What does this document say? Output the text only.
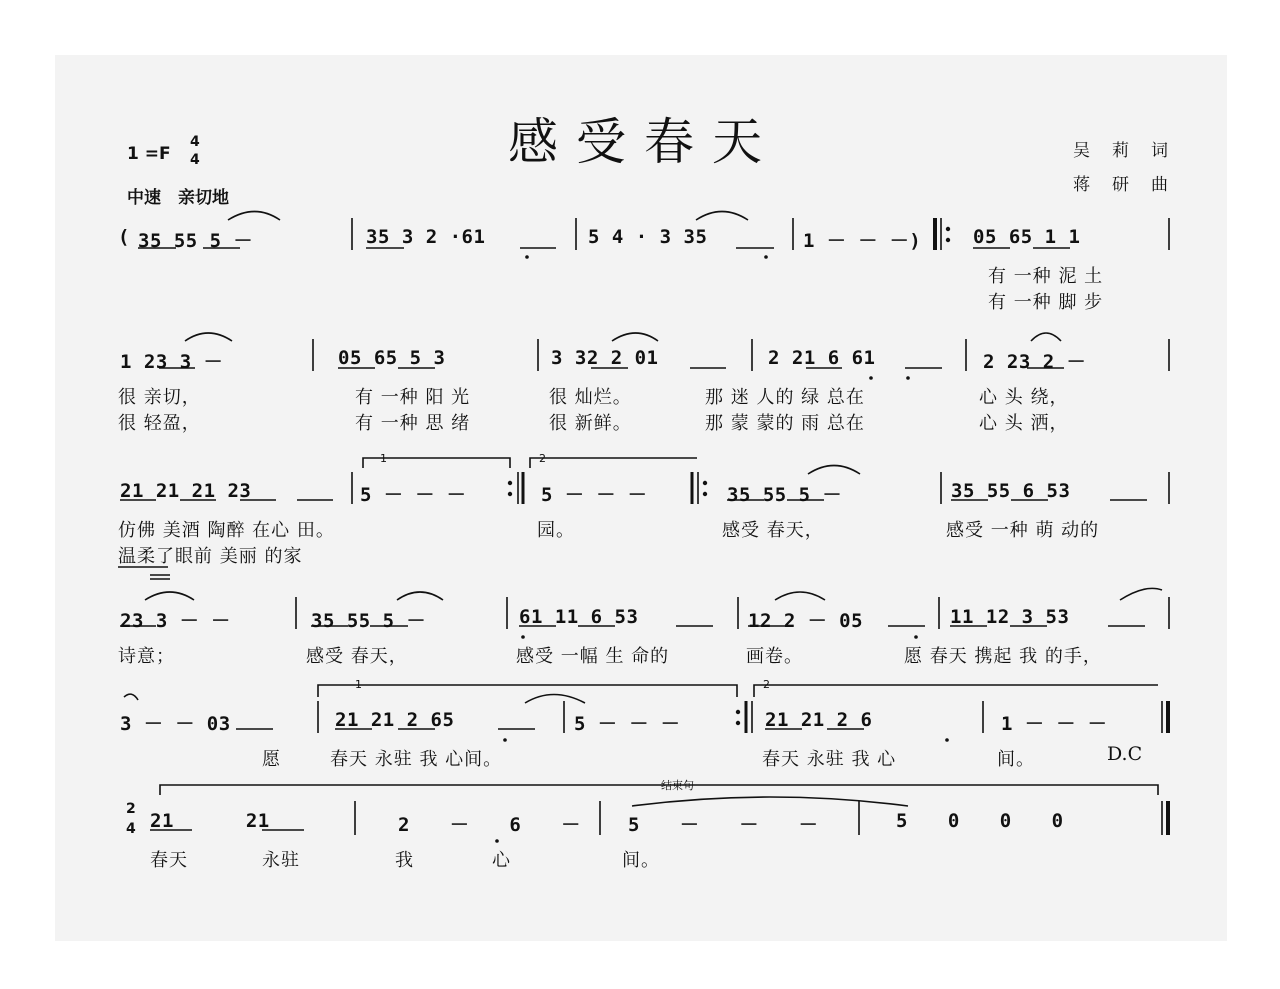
感受春天
1 =F
4
4
中速　亲切地
吴莉词
蒋研曲
( 35 55 5 －	35 3 2 ·61	5 4 · 3 35	1 － － －)	05 65 1 1
有 一种 泥 土
有 一种 脚 步
1 23 3 －	05 65 5 3	3 32 2 01	2 21 6 61	2 23 2 －
很 亲切，	有 一种 阳 光	很 灿烂。	那 迷 人的 绿 总在	心 头 绕，
很 轻盈，	有 一种 思 绪	很 新鲜。	那 蒙 蒙的 雨 总在	心 头 洒，
21 21 21 23
1
5 － － －
2
5 － － －	35 55 5 －	35 55 6 53
仿佛 美酒 陶醉 在心 田。	园。	感受 春天，	感受 一种 萌 动的
温柔了眼前 美丽 的家
23 3 － －	35 55 5 －	61 11 6 53	12 2 － 05	11 12 3 53
诗意；	感受 春天，	感受 一幅 生 命的	画卷。	愿 春天 携起 我 的手，
3 － － 03
1
21 21 2 65	5 － － －
2
21 21 2 6	1 － － －
愿	春天 永驻 我 心间。	春天 永驻 我 心	间。	D.C
结束句
2
4 21 21	2 － 6 － 5 － － －	5 0 0 0
春天	永驻	我	心	间。
